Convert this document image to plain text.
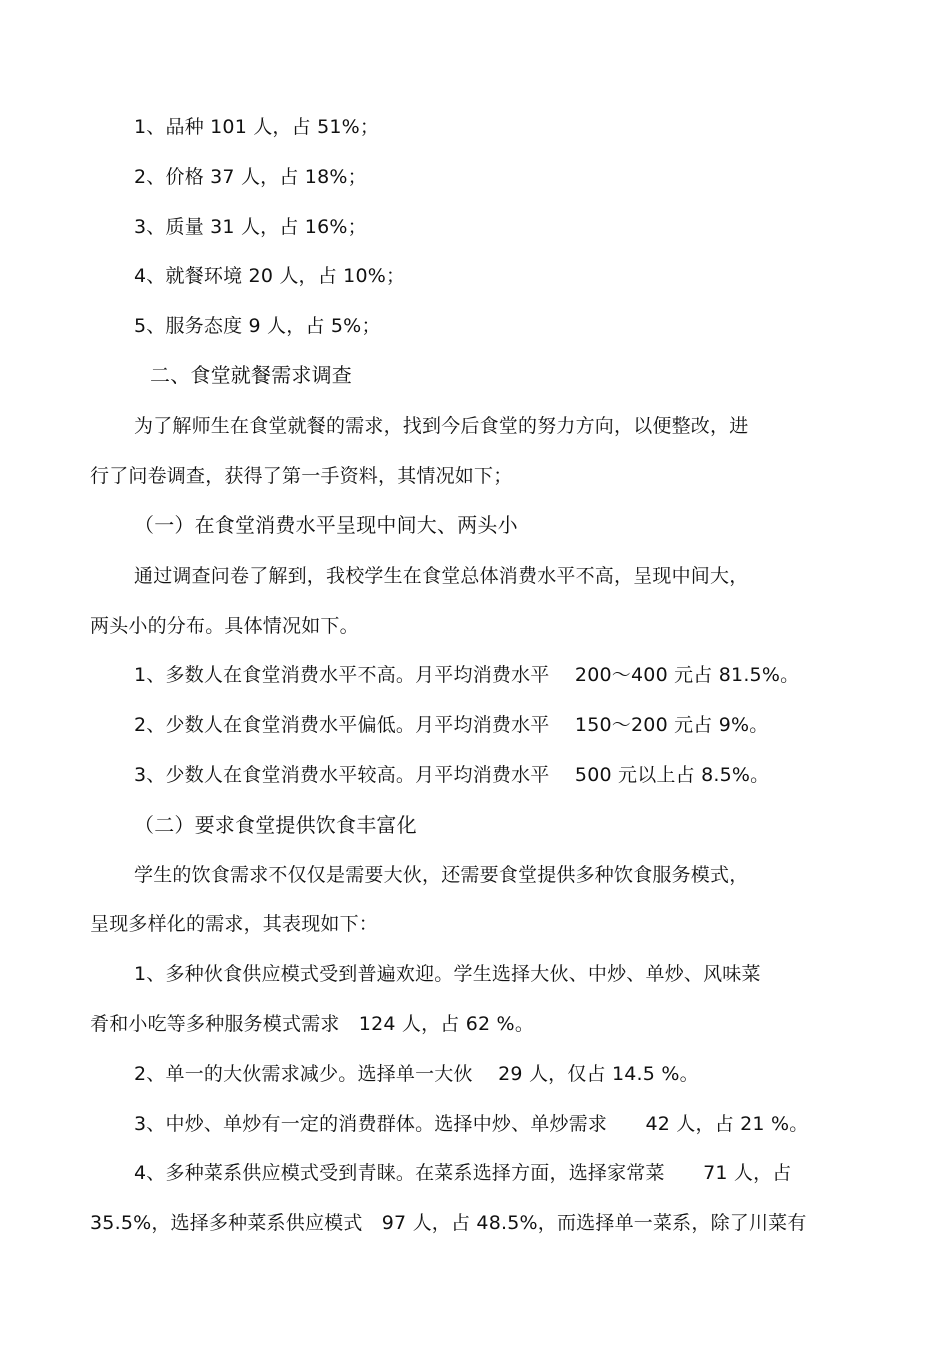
1、品种 101 人，占 51%；
2、价格 37 人，占 18%；
3、质量 31 人，占 16%；
4、就餐环境 20 人，占 10%；
5、服务态度 9 人，占 5%；
二、食堂就餐需求调查
为了解师生在食堂就餐的需求，找到今后食堂的努力方向，以便整改，进
行了问卷调查，获得了第一手资料，其情况如下；
（一）在食堂消费水平呈现中间大、两头小
通过调查问卷了解到，我校学生在食堂总体消费水平不高，呈现中间大，
两头小的分布。具体情况如下。
1、多数人在食堂消费水平不高。月平均消费水平　 200～400 元占 81.5%。
2、少数人在食堂消费水平偏低。月平均消费水平　 150～200 元占 9%。
3、少数人在食堂消费水平较高。月平均消费水平　 500 元以上占 8.5%。
（二）要求食堂提供饮食丰富化
学生的饮食需求不仅仅是需要大伙，还需要食堂提供多种饮食服务模式，
呈现多样化的需求，其表现如下：
1、多种伙食供应模式受到普遍欢迎。学生选择大伙、中炒、单炒、风味菜
肴和小吃等多种服务模式需求　124 人，占 62 %。
2、单一的大伙需求减少。选择单一大伙　 29 人，仅占 14.5 %。
3、中炒、单炒有一定的消费群体。选择中炒、单炒需求　　42 人，占 21 %。
4、多种菜系供应模式受到青睐。在菜系选择方面，选择家常菜　　71 人，占
35.5%，选择多种菜系供应模式　97 人，占 48.5%，而选择单一菜系，除了川菜有
